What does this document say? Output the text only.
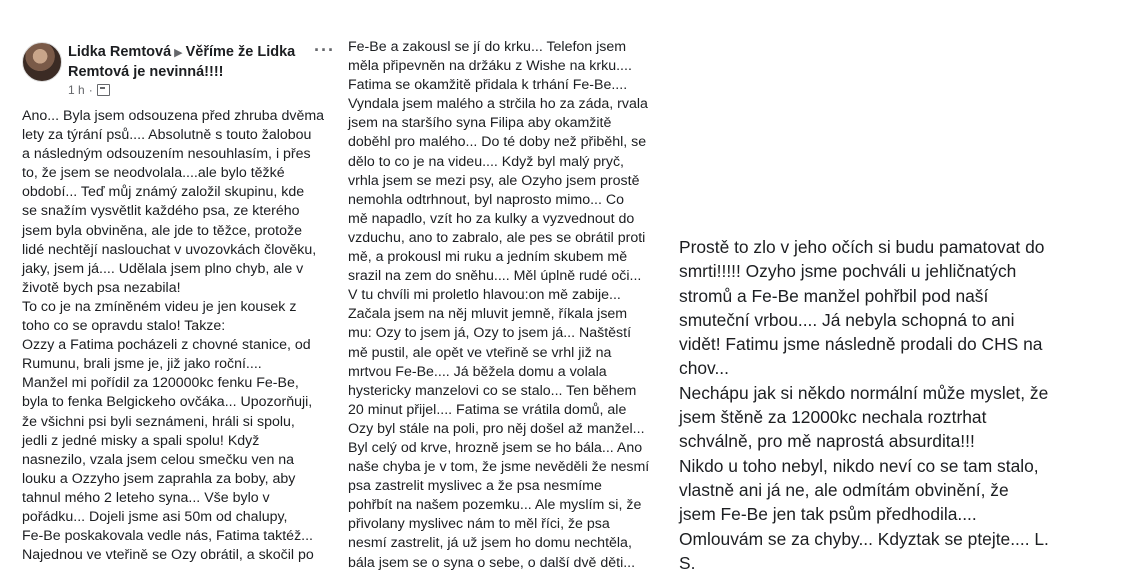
Lidka Remtová ▶ Věříme že Lidka Remtová je nevinná!!!!
1 h ·
···
Ano... Byla jsem odsouzena před zhruba dvěma
lety za týrání psů.... Absolutně s touto žalobou
a následným odsouzením nesouhlasím, i přes
to, že jsem se neodvolala....ale bylo těžké
období... Teď můj známý založil skupinu, kde
se snažím vysvětlit každého psa, ze kterého
jsem byla obviněna, ale jde to těžce, protože
lidé nechtějí naslouchat v uvozovkách člověku,
jaky, jsem já.... Udělala jsem plno chyb, ale v
životě bych psa nezabila!
To co je na zmíněném videu je jen kousek z
toho co se opravdu stalo! Takze:
Ozzy a Fatima pocházeli z chovné stanice, od
Rumunu, brali jsme je, již jako roční....
Manžel mi pořídil za 120000kc fenku Fe-Be,
byla to fenka Belgickeho ovčáka... Upozorňuji,
že všichni psi byli seznámeni, hráli si spolu,
jedli z jedné misky a spali spolu! Když
nasnezilo, vzala jsem celou smečku ven na
louku a Ozzyho jsem zaprahla za boby, aby
tahnul mého 2 leteho syna... Vše bylo v
pořádku... Dojeli jsme asi 50m od chalupy,
Fe-Be poskakovala vedle nás, Fatima taktéž...
Najednou ve vteřině se Ozy obrátil, a skočil po
Fe-Be a zakousl se jí do krku... Telefon jsem
měla připevněn na držáku z Wishe na krku....
Fatima se okamžitě přidala k trhání Fe-Be....
Vyndala jsem malého a strčila ho za záda, rvala
jsem na staršího syna Filipa aby okamžitě
doběhl pro malého... Do té doby než přiběhl, se
dělo to co je na videu.... Když byl malý pryč,
vrhla jsem se mezi psy, ale Ozyho jsem prostě
nemohla odtrhnout, byl naprosto mimo... Co
mě napadlo, vzít ho za kulky a vyzvednout do
vzduchu, ano to zabralo, ale pes se obrátil proti
mě, a prokousl mi ruku a jedním skubem mě
srazil na zem do sněhu.... Měl úplně rudé oči...
V tu chvíli mi proletlo hlavou:on mě zabije...
Začala jsem na něj mluvit jemně, říkala jsem
mu: Ozy to jsem já, Ozy to jsem já... Naštěstí
mě pustil, ale opět ve vteřině se vrhl již na
mrtvou Fe-Be.... Já běžela domu a volala
hystericky manzelovi co se stalo... Ten během
20 minut přijel.... Fatima se vrátila domů, ale
Ozy byl stále na poli, pro něj došel až manžel...
Byl celý od krve, hrozně jsem se ho bála... Ano
naše chyba je v tom, že jsme nevěděli že nesmí
psa zastrelit myslivec a že psa nesmíme
pohřbít na našem pozemku... Ale myslím si, že
přivolany myslivec nám to měl říci, že psa
nesmí zastrelit, já už jsem ho domu nechtěla,
bála jsem se o syna o sebe, o další dvě děti...
Prostě to zlo v jeho očích si budu pamatovat do
smrti!!!!! Ozyho jsme pochváli u jehličnatých
stromů a Fe-Be manžel pohřbil pod naší
smuteční vrbou.... Já nebyla schopná to ani
vidět! Fatimu jsme následně prodali do CHS na
chov...
Nechápu jak si někdo normální může myslet, že
jsem štěně za 12000kc nechala roztrhat
schválně, pro mě naprostá absurdita!!!
Nikdo u toho nebyl, nikdo neví co se tam stalo,
vlastně ani já ne, ale odmítám obvinění, že
jsem Fe-Be jen tak psům předhodila....
Omlouvám se za chyby... Kdyztak se ptejte.... L.
S.
